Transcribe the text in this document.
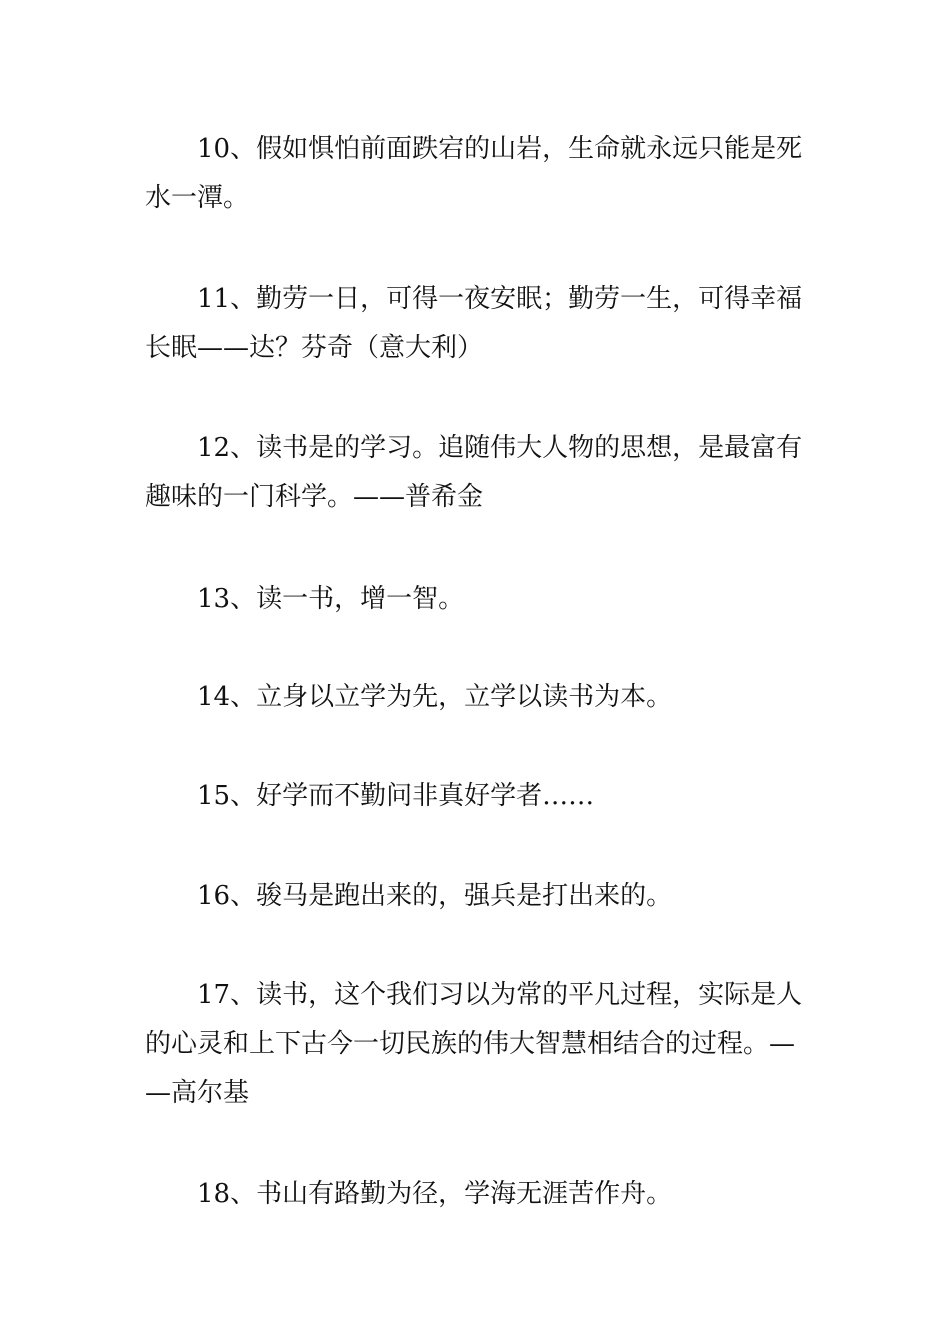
10、假如惧怕前面跌宕的山岩，生命就永远只能是死
水一潭。

11、勤劳一日，可得一夜安眠；勤劳一生，可得幸福
长眠——达？芬奇（意大利）

12、读书是的学习。追随伟大人物的思想，是最富有
趣味的一门科学。——普希金

13、读一书，增一智。

14、立身以立学为先，立学以读书为本。

15、好学而不勤问非真好学者……

16、骏马是跑出来的，强兵是打出来的。

17、读书，这个我们习以为常的平凡过程，实际是人
的心灵和上下古今一切民族的伟大智慧相结合的过程。—
—高尔基

18、书山有路勤为径，学海无涯苦作舟。
